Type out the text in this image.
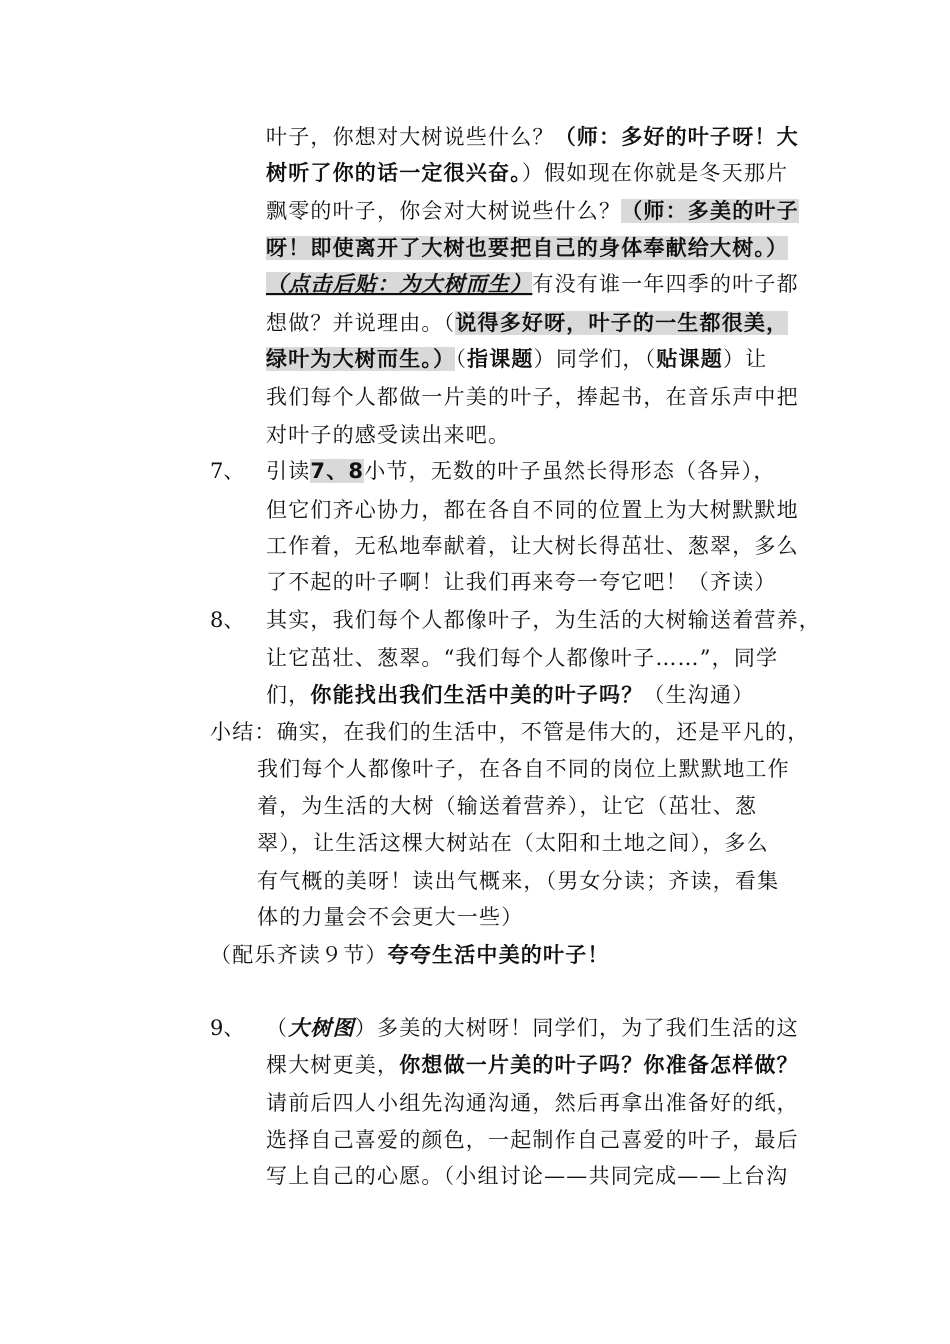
叶子，你想对大树说些什么？（师：多好的叶子呀！大
树听了你的话一定很兴奋。）假如现在你就是冬天那片
飘零的叶子，你会对大树说些什么？（师：多美的叶子
呀！即使离开了大树也要把自己的身体奉献给大树。）
（点击后贴：为大树而生）有没有谁一年四季的叶子都
想做？并说理由。（说得多好呀，叶子的一生都很美，
绿叶为大树而生。）（指课题）同学们，（贴课题）让
我们每个人都做一片美的叶子，捧起书，在音乐声中把
对叶子的感受读出来吧。
7、 引读7、8小节，无数的叶子虽然长得形态（各异），
但它们齐心协力，都在各自不同的位置上为大树默默地
工作着，无私地奉献着，让大树长得茁壮、葱翠，多么
了不起的叶子啊！让我们再来夸一夸它吧！（齐读）
8、 其实，我们每个人都像叶子，为生活的大树输送着营养，
让它茁壮、葱翠。“我们每个人都像叶子……”，同学
们，你能找出我们生活中美的叶子吗？（生沟通）
小结：确实，在我们的生活中，不管是伟大的，还是平凡的，
我们每个人都像叶子，在各自不同的岗位上默默地工作
着，为生活的大树（输送着营养），让它（茁壮、葱
翠），让生活这棵大树站在（太阳和土地之间），多么
有气概的美呀！读出气概来，（男女分读；齐读，看集
体的力量会不会更大一些）
（配乐齐读９节）夸夸生活中美的叶子！
9、 （大树图）多美的大树呀！同学们，为了我们生活的这
棵大树更美，你想做一片美的叶子吗？你准备怎样做？
请前后四人小组先沟通沟通，然后再拿出准备好的纸，
选择自己喜爱的颜色，一起制作自己喜爱的叶子，最后
写上自己的心愿。（小组讨论——共同完成——上台沟
